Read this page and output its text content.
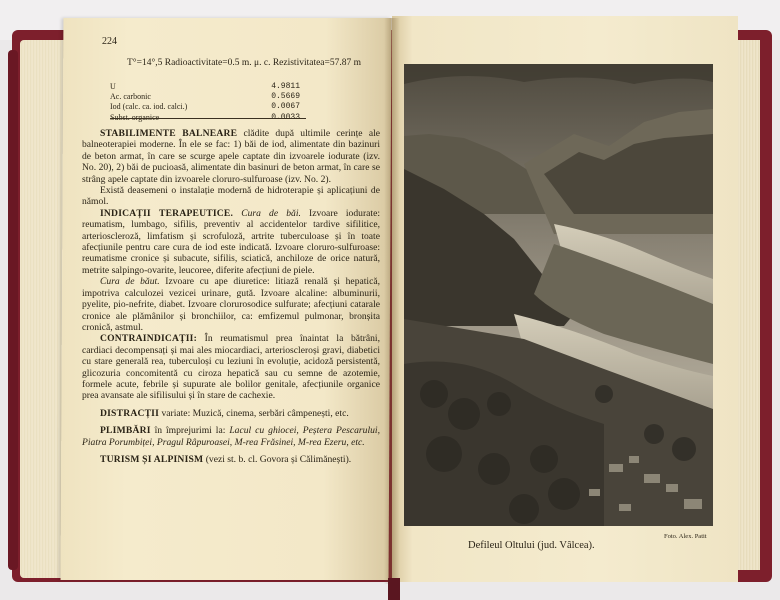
224
T°=14°,5 Radioactivitate=0.5 m. μ. c. Rezistivitatea=57.87 m
U	4.9811
Ac. carbonic	0.5669
Iod (calc. ca. iod. calci.)	0.0067
Subst. organice	0.0033

STABILIMENTE BALNEARE clădite după ultimile cerințe ale balneoterapiei moderne. În ele se fac: 1) băi de iod, alimentate din bazinuri de beton armat, în care se scurge apele captate din izvoarele iodurate (izv. No. 20), 2) băi de pucioasă, alimentate din basinuri de beton armat, în care se strâng apele captate din izvoarele cloruro-sulfuroase (izv. No. 2).

Există deasemeni o instalație modernă de hidroterapie și aplicațiuni de nămol.

INDICAȚII TERAPEUTICE. Cura de băi. Izvoare iodurate: reumatism, lumbago, sifilis, preventiv al accidentelor tardive sifilitice, arterioscleroză, limfatism și scrofuloză, artrite tuberculoase și în toate afecțiunile pentru care cura de iod este indicată. Izvoare cloruro-sulfuroase: reumatisme cronice și subacute, sifilis, sciatică, anchiloze de orice natură, metrite salpingo-ovarite, leucoree, diferite afecțiuni de piele.

Cura de băut. Izvoare cu ape diuretice: litiază renală și hepatică, impotriva calculozei vezicei urinare, gută. Izvoare alcaline: albuminurii, pyelite, pio-nefrite, diabet. Izvoare clorurosodice sulfurate; afecțiuni catarale cronice ale plămânilor și bronchiilor, ca: emfizemul pulmonar, bronșita cronică, astmul.

CONTRAINDICAȚII: În reumatismul prea înaintat la bătrâni, cardiaci decompensați și mai ales miocardiaci, arterioscleroși gravi, diabetici cu stare generală rea, tuberculoși cu leziuni în evoluție, acidoză persistentă, glicozuria concomitentă cu ciroza hepatică sau cu semne de azotemie, formele acute, febrile și supurate ale bolilor genitale, afecțiunile organice prea avansate ale sifilisului și în stare de cachexie.

DISTRACȚII variate: Muzică, cinema, serbări câmpenești, etc.

PLIMBĂRI în împrejurimi la: Lacul cu ghiocei, Peștera Pescarului, Piatra Porumbiței, Pragul Râpuroasei, M-rea Frăsinei, M-rea Ezeru, etc.

TURISM ȘI ALPINISM (vezi st. b. cl. Govora și Călimănești).

Foto. Alex. Patit
Defileul Oltului (jud. Vâlcea).
